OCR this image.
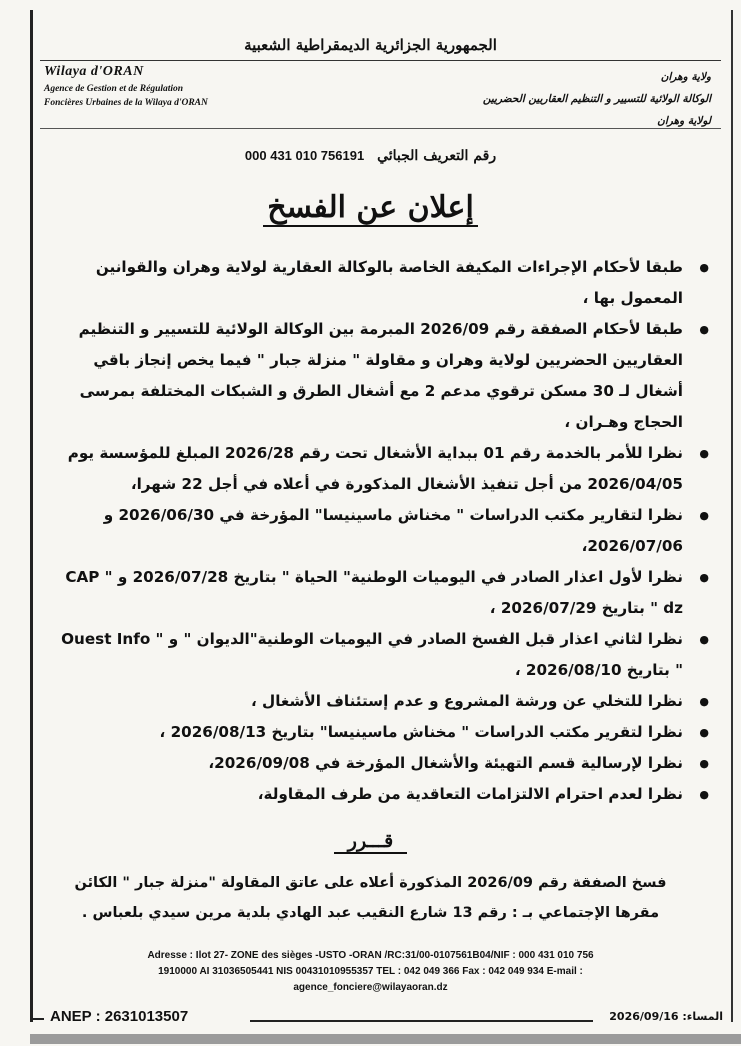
الجمهورية الجزائرية الديمقراطية الشعبية
Wilaya d'ORAN
Agence de Gestion et de Régulation
Foncières Urbaines de la Wilaya d'ORAN
ولاية وهران
الوكالة الولائية للتسيير و التنظيم العقاريين الحضريين
لولاية وهران
رقم التعريف الجبائي 000 431 010 756191
إعلان عن الفسخ
● طبقا لأحكام الإجراءات المكيفة الخاصة بالوكالة العقارية لولاية وهران والقوانين المعمول بها ،
● طبقا لأحكام الصفقة رقم 2026/09 المبرمة بين الوكالة الولائية للتسيير و التنظيم العقاريين الحضريين لولاية وهران و مقاولة " منزلة جبار " فيما يخص إنجاز باقي أشغال لـ 30 مسكن ترقوي مدعم 2 مع أشغال الطرق و الشبكات المختلفة بمرسى الحجاج وهـران ،
● نظرا للأمر بالخدمة رقم 01 ببداية الأشغال تحت رقم 2026/28 المبلغ للمؤسسة يوم 2026/04/05 من أجل تنفيذ الأشغال المذكورة في أعلاه في أجل 22 شهرا،
● نظرا لتقارير مكتب الدراسات " مخناش ماسينيسا" المؤرخة في 2026/06/30 و 2026/07/06،
● نظرا لأول اعذار الصادر في اليوميات الوطنية" الحياة " بتاريخ 2026/07/28 و " CAP dz " بتاريخ 2026/07/29 ،
● نظرا لثاني اعذار قبل الفسخ الصادر في اليوميات الوطنية"الديوان " و " Ouest Info " بتاريخ 2026/08/10 ،
● نظرا للتخلي عن ورشة المشروع و عدم إستئناف الأشغال ،
● نظرا لتقرير مكتب الدراسات " مخناش ماسينيسا" بتاريخ 2026/08/13 ،
● نظرا لإرسالية قسم التهيئة والأشغال المؤرخة في 2026/09/08،
● نظرا لعدم احترام الالتزامات التعاقدية من طرف المقاولة،
قـــرر
فسخ الصفقة رقم 2026/09 المذكورة أعلاه على عاتق المقاولة "منزلة جبار " الكائن مقرها الإجتماعي بـ : رقم 13 شارع النقيب عبد الهادي بلدية مرين سيدي بلعباس .
Adresse : Ilot 27- ZONE des sièges -USTO -ORAN /RC:31/00-0107561B04/NIF : 000 431 010 756
1910000 AI 31036505441 NIS 00431010955357 TEL : 042 049 366 Fax : 042 049 934 E-mail :
agence_fonciere@wilayaoran.dz
ANEP : 2631013507	المساء: 2026/09/16
